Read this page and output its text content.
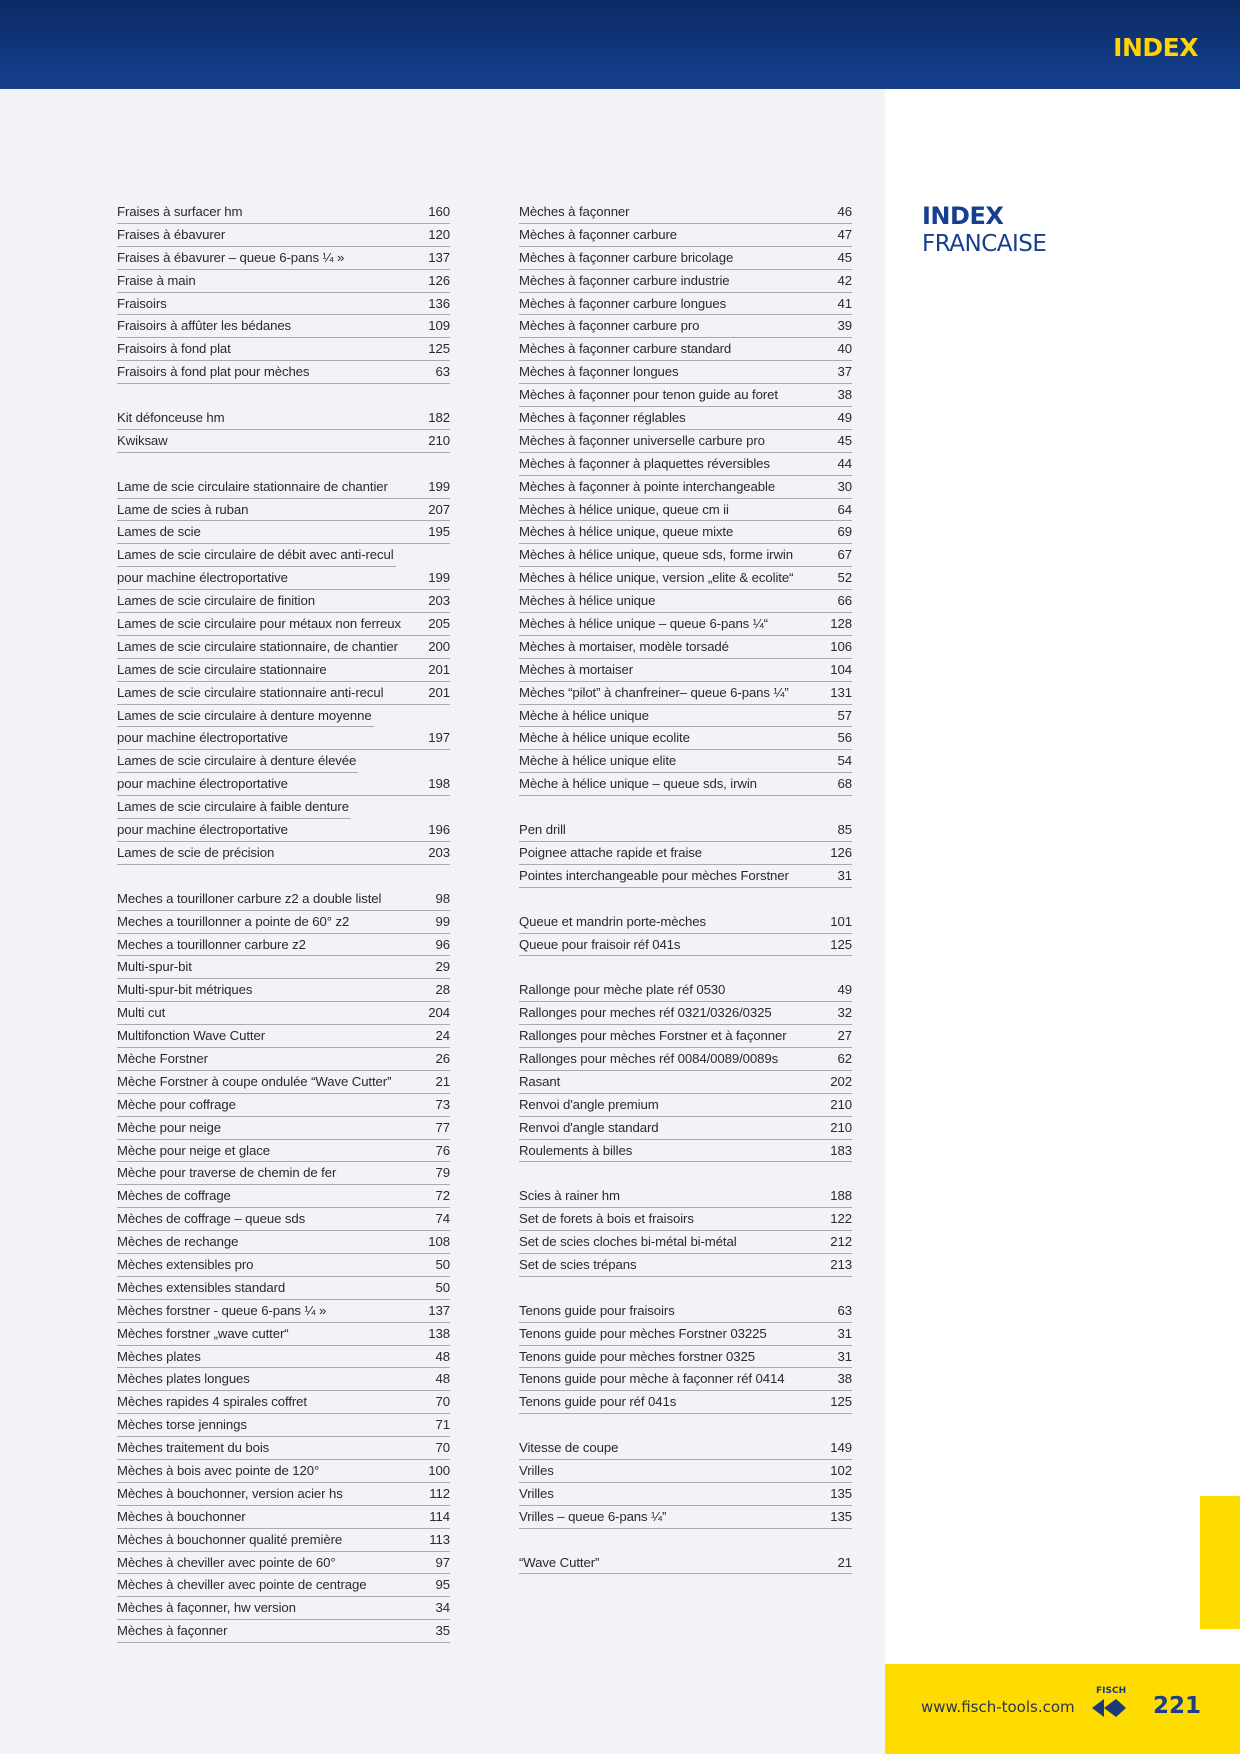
INDEX
Fraises à surfacer hm	160
Fraises à ébavurer	120
Fraises à ébavurer – queue 6-pans ¼ »	137
Fraise à main	126
Fraisoirs	136
Fraisoirs à affûter les bédanes	109
Fraisoirs à fond plat	125
Fraisoirs à fond plat pour mèches	63
Kit défonceuse hm	182
Kwiksaw	210
Lame de scie circulaire stationnaire de chantier	199
Lame de scies à ruban	207
Lames de scie	195
Lames de scie circulaire de débit avec anti-recul
pour machine électroportative	199
Lames de scie circulaire de finition	203
Lames de scie circulaire pour métaux non ferreux 205
Lames de scie circulaire stationnaire, de chantier 200
Lames de scie circulaire stationnaire	201
Lames de scie circulaire stationnaire anti-recul	201
Lames de scie circulaire à denture moyenne
pour machine électroportative	197
Lames de scie circulaire à denture élevée
pour machine électroportative	198
Lames de scie circulaire à faible denture
pour machine électroportative	196
Lames de scie de précision	203
Meches a tourilloner carbure z2 a double listel	98
Meches a tourillonner a pointe de 60° z2	99
Meches a tourillonner carbure z2	96
Multi-spur-bit	29
Multi-spur-bit métriques	28
Multi cut	204
Multifonction Wave Cutter	24
Mèche Forstner	26
Mèche Forstner à coupe ondulée “Wave Cutter”	21
Mèche pour coffrage	73
Mèche pour neige	77
Mèche pour neige et glace	76
Mèche pour traverse de chemin de fer	79
Mèches de coffrage	72
Mèches de coffrage – queue sds	74
Mèches de rechange	108
Mèches extensibles pro	50
Mèches extensibles standard	50
Mèches forstner - queue 6-pans ¼ »	137
Mèches forstner „wave cutter“	138
Mèches plates	48
Mèches plates longues	48
Mèches rapides 4 spirales coffret	70
Mèches torse jennings	71
Mèches traitement du bois	70
Mèches à bois avec pointe de 120°	100
Mèches à bouchonner, version acier hs	112
Mèches à bouchonner	114
Mèches à bouchonner qualité première	113
Mèches à cheviller avec pointe de 60°	97
Mèches à cheviller avec pointe de centrage	95
Mèches à façonner, hw version	34
Mèches à façonner	35
Mèches à façonner	46
Mèches à façonner carbure	47
Mèches à façonner carbure bricolage	45
Mèches à façonner carbure industrie	42
Mèches à façonner carbure longues	41
Mèches à façonner carbure pro	39
Mèches à façonner carbure standard	40
Mèches à façonner longues	37
Mèches à façonner pour tenon guide au foret	38
Mèches à façonner réglables	49
Mèches à façonner universelle carbure pro	45
Mèches à façonner à plaquettes réversibles	44
Mèches à façonner à pointe interchangeable	30
Mèches à hélice unique, queue cm ii	64
Mèches à hélice unique, queue mixte	69
Mèches à hélice unique, queue sds, forme irwin	67
Mèches à hélice unique, version „elite & ecolite“	52
Mèches à hélice unique	66
Mèches à hélice unique – queue 6-pans ¼“	128
Mèches à mortaiser, modèle torsadé	106
Mèches à mortaiser	104
Mèches “pilot” à chanfreiner– queue 6-pans ¼”	131
Mèche à hélice unique	57
Mèche à hélice unique ecolite	56
Mèche à hélice unique elite	54
Mèche à hélice unique – queue sds, irwin	68
Pen drill	85
Poignee attache rapide et fraise	126
Pointes interchangeable pour mèches Forstner	31
Queue et mandrin porte-mèches	101
Queue pour fraisoir réf 041s	125
Rallonge pour mèche plate réf 0530	49
Rallonges pour meches réf 0321/0326/0325	32
Rallonges pour mèches Forstner et à façonner	27
Rallonges pour mèches réf 0084/0089/0089s	62
Rasant	202
Renvoi d'angle premium	210
Renvoi d'angle standard	210
Roulements à billes	183
Scies à rainer hm	188
Set de forets à bois et fraisoirs	122
Set de scies cloches bi-métal bi-métal	212
Set de scies trépans	213
Tenons guide pour fraisoirs	63
Tenons guide pour mèches Forstner 03225	31
Tenons guide pour mèches forstner 0325	31
Tenons guide pour mèche à façonner réf 0414	38
Tenons guide pour réf 041s	125
Vitesse de coupe	149
Vrilles	102
Vrilles	135
Vrilles – queue 6-pans ¼”	135
“Wave Cutter”	21
INDEX
FRANCAISE
www.fisch-tools.com
FISCH
221
